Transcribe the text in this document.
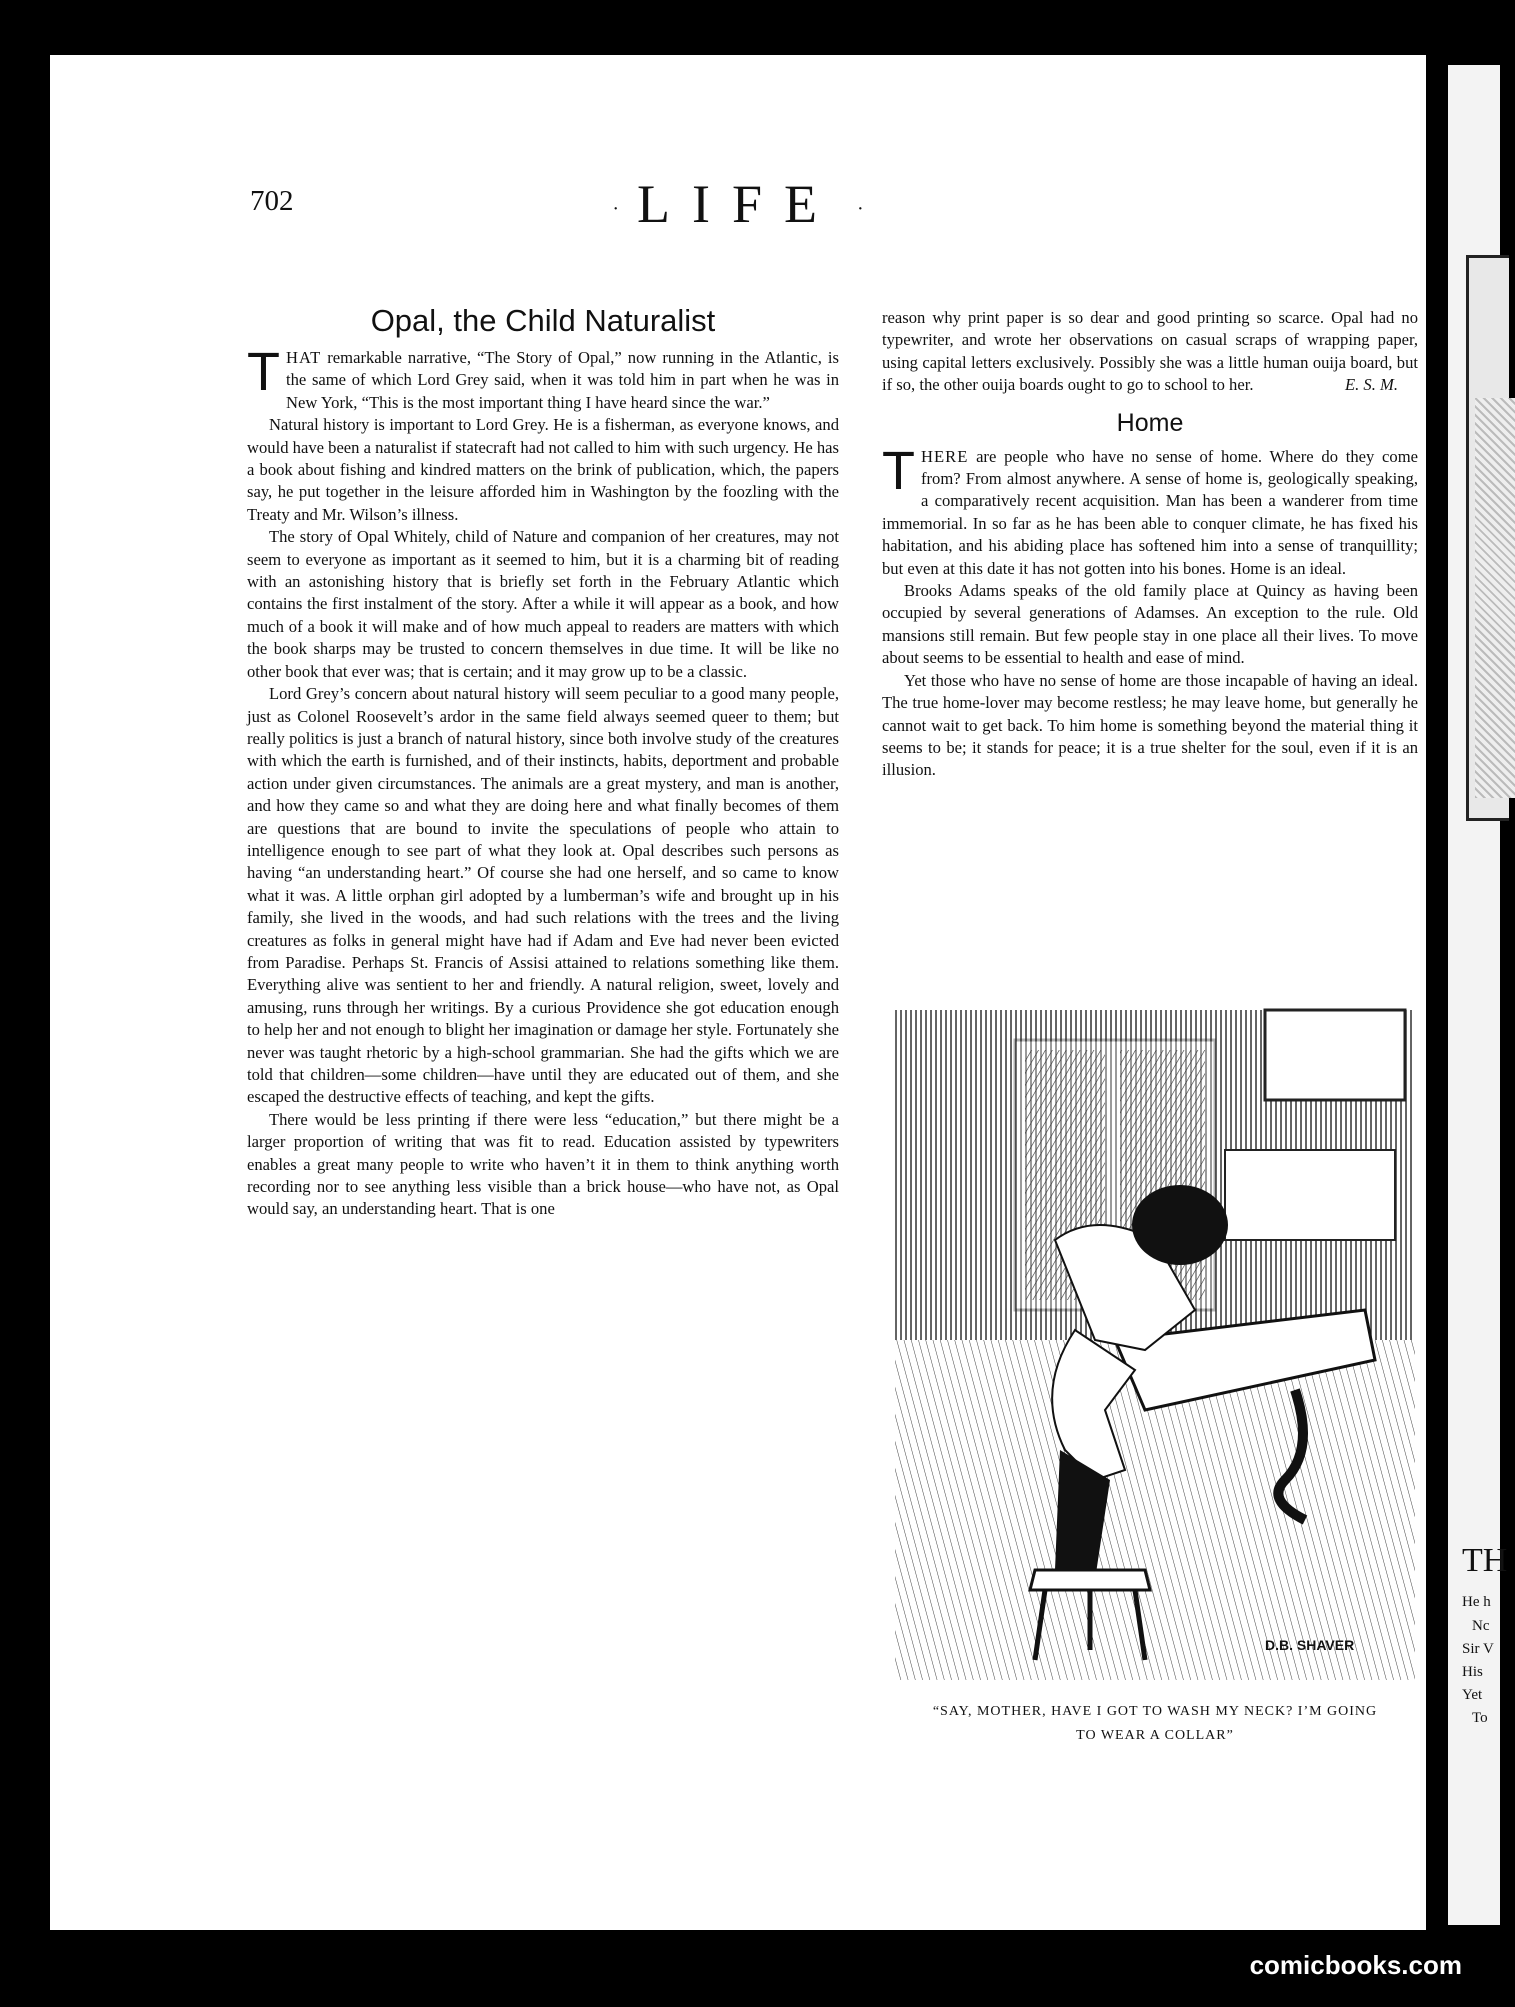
702	· LIFE ·
Opal, the Child Naturalist

THAT remarkable narrative, “The Story of Opal,” now running in the Atlantic, is the same of which Lord Grey said, when it was told him in part when he was in New York, “This is the most important thing I have heard since the war.”

Natural history is important to Lord Grey. He is a fisherman, as everyone knows, and would have been a naturalist if statecraft had not called to him with such urgency. He has a book about fishing and kindred matters on the brink of publication, which, the papers say, he put together in the leisure afforded him in Washington by the foozling with the Treaty and Mr. Wilson’s illness.

The story of Opal Whitely, child of Nature and companion of her creatures, may not seem to everyone as important as it seemed to him, but it is a charming bit of reading with an astonishing history that is briefly set forth in the February Atlantic which contains the first instalment of the story. After a while it will appear as a book, and how much of a book it will make and of how much appeal to readers are matters with which the book sharps may be trusted to concern themselves in due time. It will be like no other book that ever was; that is certain; and it may grow up to be a classic.

Lord Grey’s concern about natural history will seem peculiar to a good many people, just as Colonel Roosevelt’s ardor in the same field always seemed queer to them; but really politics is just a branch of natural history, since both involve study of the creatures with which the earth is furnished, and of their instincts, habits, deportment and probable action under given circumstances. The animals are a great mystery, and man is another, and how they came so and what they are doing here and what finally becomes of them are questions that are bound to invite the speculations of people who attain to intelligence enough to see part of what they look at. Opal describes such persons as having “an understanding heart.” Of course she had one herself, and so came to know what it was. A little orphan girl adopted by a lumberman’s wife and brought up in his family, she lived in the woods, and had such relations with the trees and the living creatures as folks in general might have had if Adam and Eve had never been evicted from Paradise. Perhaps St. Francis of Assisi attained to relations something like them. Everything alive was sentient to her and friendly. A natural religion, sweet, lovely and amusing, runs through her writings. By a curious Providence she got education enough to help her and not enough to blight her imagination or damage her style. Fortunately she never was taught rhetoric by a high-school grammarian. She had the gifts which we are told that children—some children—have until they are educated out of them, and she escaped the destructive effects of teaching, and kept the gifts.

There would be less printing if there were less “education,” but there might be a larger proportion of writing that was fit to read. Education assisted by typewriters enables a great many people to write who haven’t it in them to think anything worth recording nor to see anything less visible than a brick house—who have not, as Opal would say, an understanding heart. That is one

reason why print paper is so dear and good printing so scarce. Opal had no typewriter, and wrote her observations on casual scraps of wrapping paper, using capital letters exclusively. Possibly she was a little human ouija board, but if so, the other ouija boards ought to go to school to her.	E. S. M.

Home

THERE are people who have no sense of home. Where do they come from? From almost anywhere. A sense of home is, geologically speaking, a comparatively recent acquisition. Man has been a wanderer from time immemorial. In so far as he has been able to conquer climate, he has fixed his habitation, and his abiding place has softened him into a sense of tranquillity; but even at this date it has not gotten into his bones. Home is an ideal.

Brooks Adams speaks of the old family place at Quincy as having been occupied by several generations of Adamses. An exception to the rule. Old mansions still remain. But few people stay in one place all their lives. To move about seems to be essential to health and ease of mind.

Yet those who have no sense of home are those incapable of having an ideal. The true home-lover may become restless; he may leave home, but generally he cannot wait to get back. To him home is something beyond the material thing it seems to be; it stands for peace; it is a true shelter for the soul, even if it is an illusion.

D.B. SHAVER
“SAY, MOTHER, HAVE I GOT TO WASH MY NECK? I’M GOING
TO WEAR A COLLAR”
TH
He h
Nc
Sir V
His
Yet
To
comicbooks.com
